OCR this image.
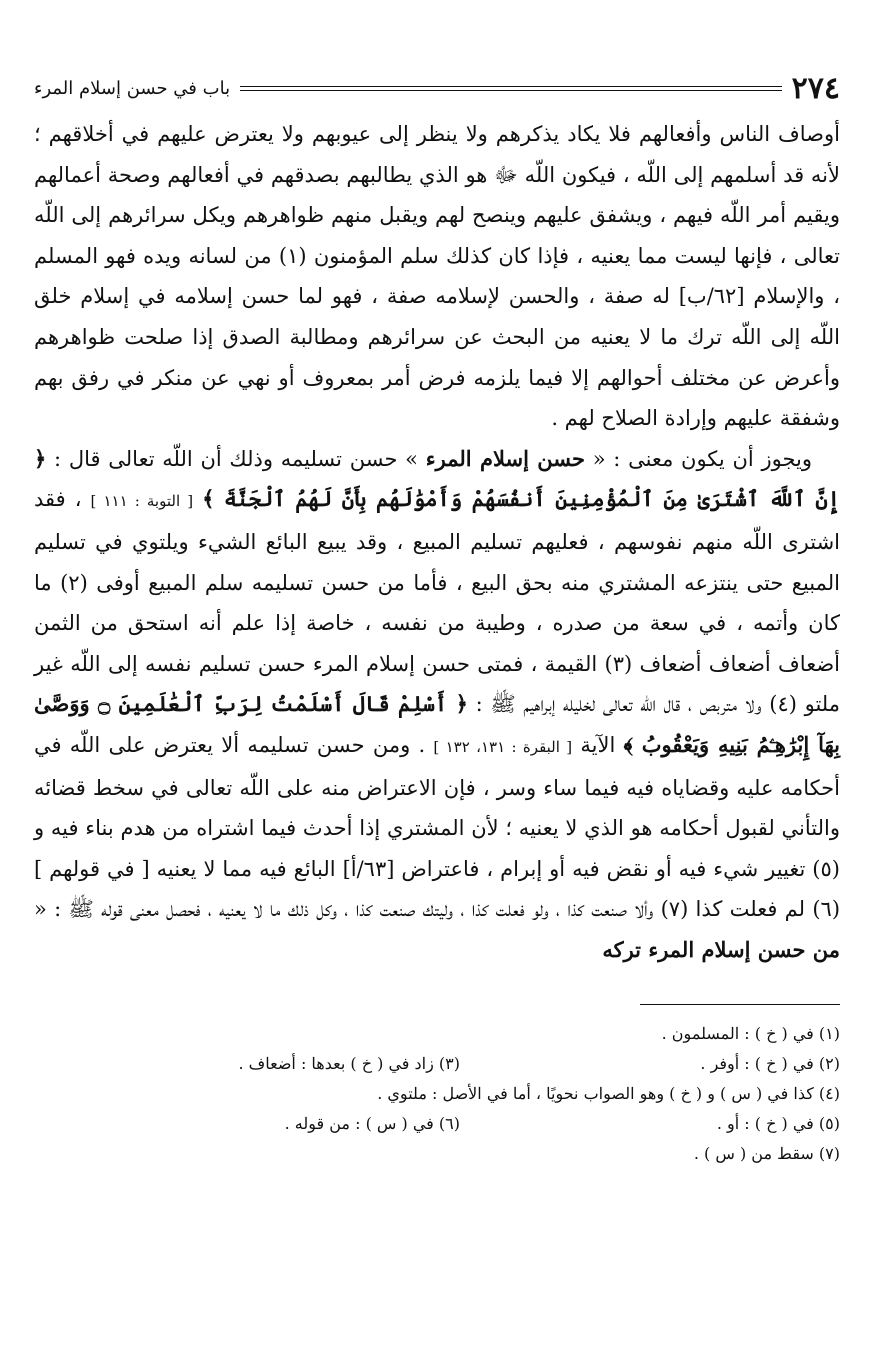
٢٧٤
باب في حسن إسلام المرء

أوصاف الناس وأفعالهم فلا يكاد يذكرهم ولا ينظر إلى عيوبهم ولا يعترض عليهم في أخلاقهم ؛ لأنه قد أسلمهم إلى اللّه ، فيكون اللّه ﷻ هو الذي يطالبهم بصدقهم في أفعالهم وصحة أعمالهم ويقيم أمر اللّه فيهم ، ويشفق عليهم وينصح لهم ويقبل منهم ظواهرهم ويكل سرائرهم إلى اللّه تعالى ، فإنها ليست مما يعنيه ، فإذا كان كذلك سلم المؤمنون (١) من لسانه ويده فهو المسلم ، والإسلام [٦٢/ب] له صفة ، والحسن لإسلامه صفة ، فهو لما حسن إسلامه في إسلام خلق اللّه إلى اللّه ترك ما لا يعنيه من البحث عن سرائرهم ومطالبة الصدق إذا صلحت ظواهرهم وأعرض عن مختلف أحوالهم إلا فيما يلزمه فرض أمر بمعروف أو نهي عن منكر في رفق بهم وشفقة عليهم وإرادة الصلاح لهم .

ويجوز أن يكون معنى : « حسن إسلام المرء » حسن تسليمه وذلك أن اللّه تعالى قال : ﴿ إِنَّ ٱللَّهَ ٱشْتَرَىٰ مِنَ ٱلْمُؤْمِنِينَ أَنفُسَهُمْ وَأَمْوَٰلَهُم بِأَنَّ لَهُمُ ٱلْجَنَّةَ ﴾ [ التوبة : ١١١ ] ، فقد اشترى اللّه منهم نفوسهم ، فعليهم تسليم المبيع ، وقد يبيع البائع الشيء ويلتوي في تسليم المبيع حتى ينتزعه المشتري منه بحق البيع ، فأما من حسن تسليمه سلم المبيع أوفى (٢) ما كان وأتمه ، في سعة من صدره ، وطيبة من نفسه ، خاصة إذا علم أنه استحق من الثمن أضعاف أضعاف أضعاف (٣) القيمة ، فمتى حسن إسلام المرء حسن تسليم نفسه إلى اللّه غير ملتو (٤) ولا متربص ، قال اللّه تعالى لخليله إبراهيم ﷺ : ﴿ أَسْلِمْ قَالَ أَسْلَمْتُ لِرَبِّ ٱلْعَٰلَمِينَ ۝ وَوَصَّىٰ بِهَآ إِبْرَٰهِـۧمُ بَنِيهِ وَيَعْقُوبُ ﴾ الآية [ البقرة : ١٣١، ١٣٢ ] . ومن حسن تسليمه ألا يعترض على اللّه في أحكامه عليه وقضاياه فيه فيما ساء وسر ، فإن الاعتراض منه على اللّه تعالى في سخط قضائه والتأني لقبول أحكامه هو الذي لا يعنيه ؛ لأن المشتري إذا أحدث فيما اشتراه من هدم بناء فيه و (٥) تغيير شيء فيه أو نقض فيه أو إبرام ، فاعتراض [٦٣/أ] البائع فيه مما لا يعنيه [ في قولهم ] (٦) لم فعلت كذا (٧) وألا صنعت كذا ، ولو فعلت كذا ، وليتك صنعت كذا ، وكل ذلك ما لا يعنيه ، فحصل معنى قوله ﷺ : « من حسن إسلام المرء تركه

(١) في ( خ ) : المسلمون .
(٢) في ( خ ) : أوفر .
(٣) زاد في ( خ ) بعدها : أضعاف .
(٤) كذا في ( س ) و ( خ ) وهو الصواب نحويًا ، أما في الأصل : ملتوي .
(٥) في ( خ ) : أو .
(٦) في ( س ) : من قوله .
(٧) سقط من ( س ) .
